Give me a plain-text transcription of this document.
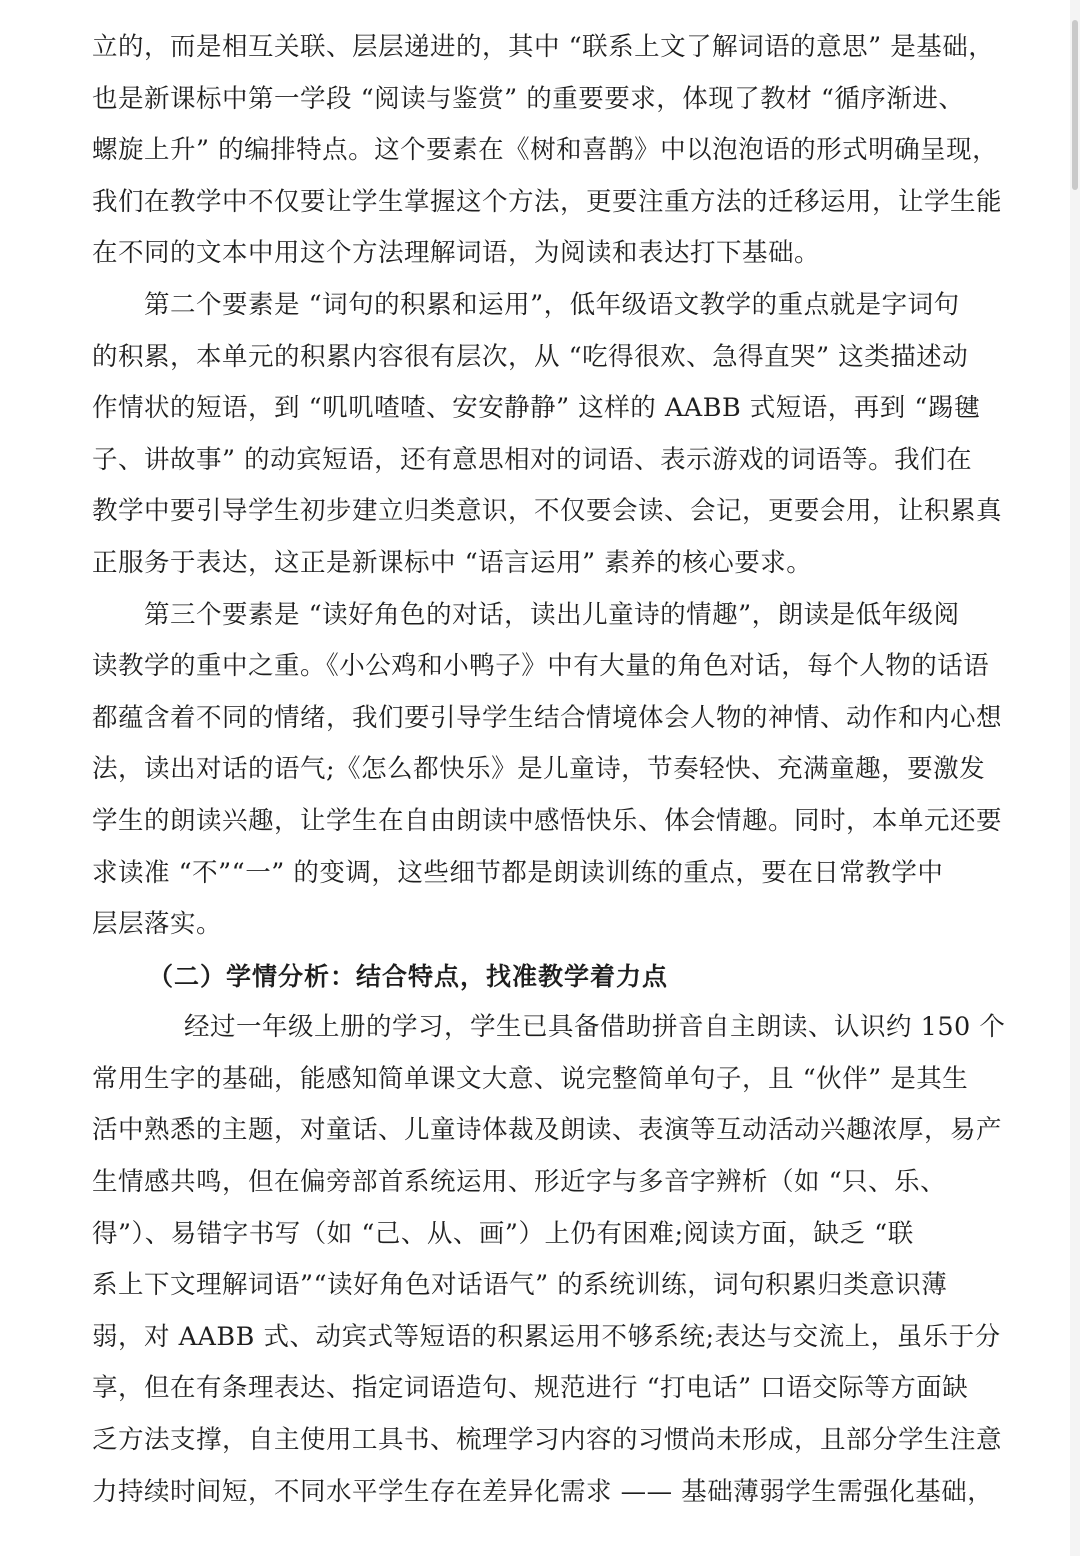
立的，而是相互关联、层层递进的，其中 “联系上文了解词语的意思” 是基础，
也是新课标中第一学段 “阅读与鉴赏” 的重要要求，体现了教材 “循序渐进、
螺旋上升” 的编排特点。这个要素在《树和喜鹊》中以泡泡语的形式明确呈现，
我们在教学中不仅要让学生掌握这个方法，更要注重方法的迁移运用，让学生能
在不同的文本中用这个方法理解词语，为阅读和表达打下基础。
第二个要素是 “词句的积累和运用”，低年级语文教学的重点就是字词句
的积累，本单元的积累内容很有层次，从 “吃得很欢、急得直哭” 这类描述动
作情状的短语，到 “叽叽喳喳、安安静静” 这样的 AABB 式短语，再到 “踢毽
子、讲故事” 的动宾短语，还有意思相对的词语、表示游戏的词语等。我们在
教学中要引导学生初步建立归类意识，不仅要会读、会记，更要会用，让积累真
正服务于表达，这正是新课标中 “语言运用” 素养的核心要求。
第三个要素是 “读好角色的对话，读出儿童诗的情趣”，朗读是低年级阅
读教学的重中之重。《小公鸡和小鸭子》中有大量的角色对话，每个人物的话语
都蕴含着不同的情绪，我们要引导学生结合情境体会人物的神情、动作和内心想
法，读出对话的语气;《怎么都快乐》是儿童诗，节奏轻快、充满童趣，要激发
学生的朗读兴趣，让学生在自由朗读中感悟快乐、体会情趣。同时，本单元还要
求读准 “不”“一” 的变调，这些细节都是朗读训练的重点，要在日常教学中
层层落实。
（二）学情分析：结合特点，找准教学着力点
经过一年级上册的学习，学生已具备借助拼音自主朗读、认识约 150 个
常用生字的基础，能感知简单课文大意、说完整简单句子，且 “伙伴” 是其生
活中熟悉的主题，对童话、儿童诗体裁及朗读、表演等互动活动兴趣浓厚，易产
生情感共鸣，但在偏旁部首系统运用、形近字与多音字辨析（如 “只、乐、
得”）、易错字书写（如 “己、从、画”）上仍有困难;阅读方面，缺乏 “联
系上下文理解词语”“读好角色对话语气” 的系统训练，词句积累归类意识薄
弱，对 AABB 式、动宾式等短语的积累运用不够系统;表达与交流上，虽乐于分
享，但在有条理表达、指定词语造句、规范进行 “打电话” 口语交际等方面缺
乏方法支撑，自主使用工具书、梳理学习内容的习惯尚未形成，且部分学生注意
力持续时间短，不同水平学生存在差异化需求 —— 基础薄弱学生需强化基础，
